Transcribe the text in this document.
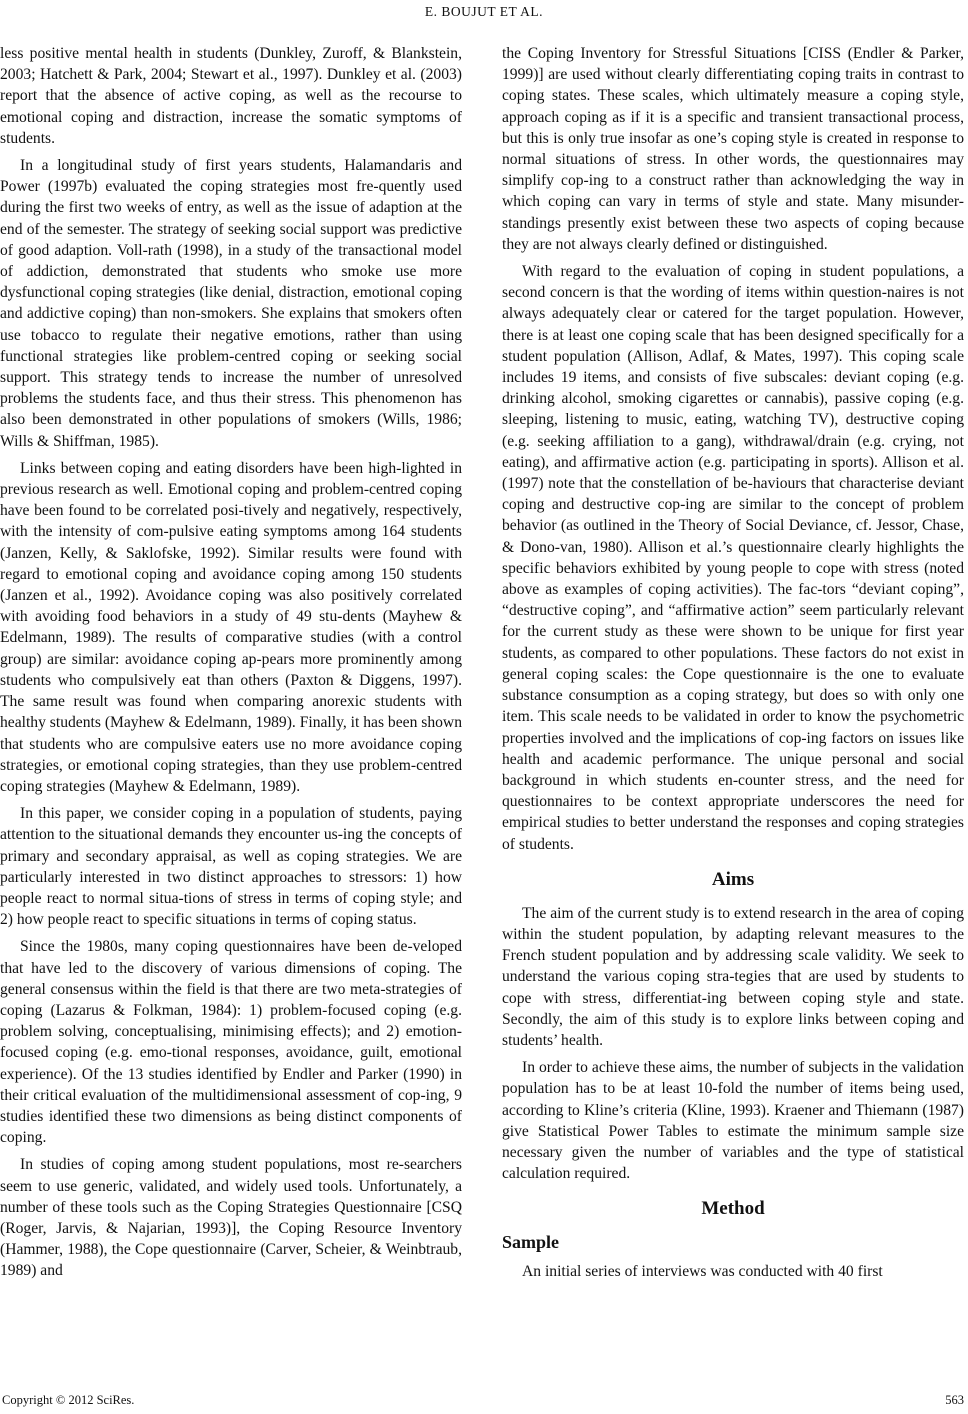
E. BOUJUT ET AL.

less positive mental health in students (Dunkley, Zuroff, & Blankstein, 2003; Hatchett & Park, 2004; Stewart et al., 1997). Dunkley et al. (2003) report that the absence of active coping, as well as the recourse to emotional coping and distraction, increase the somatic symptoms of students.

In a longitudinal study of first years students, Halamandaris and Power (1997b) evaluated the coping strategies most fre-quently used during the first two weeks of entry, as well as the issue of adaption at the end of the semester. The strategy of seeking social support was predictive of good adaption. Voll-rath (1998), in a study of the transactional model of addiction, demonstrated that students who smoke use more dysfunctional coping strategies (like denial, distraction, emotional coping and addictive coping) than non-smokers. She explains that smokers often use tobacco to regulate their negative emotions, rather than using functional strategies like problem-centred coping or seeking social support. This strategy tends to increase the number of unresolved problems the students face, and thus their stress. This phenomenon has also been demonstrated in other populations of smokers (Wills, 1986; Wills & Shiffman, 1985).

Links between coping and eating disorders have been high-lighted in previous research as well. Emotional coping and problem-centred coping have been found to be correlated posi-tively and negatively, respectively, with the intensity of com-pulsive eating symptoms among 164 students (Janzen, Kelly, & Saklofske, 1992). Similar results were found with regard to emotional coping and avoidance coping among 150 students (Janzen et al., 1992). Avoidance coping was also positively correlated with avoiding food behaviors in a study of 49 stu-dents (Mayhew & Edelmann, 1989). The results of comparative studies (with a control group) are similar: avoidance coping ap-pears more prominently among students who compulsively eat than others (Paxton & Diggens, 1997). The same result was found when comparing anorexic students with healthy students (Mayhew & Edelmann, 1989). Finally, it has been shown that students who are compulsive eaters use no more avoidance coping strategies, or emotional coping strategies, than they use problem-centred coping strategies (Mayhew & Edelmann, 1989).

In this paper, we consider coping in a population of students, paying attention to the situational demands they encounter us-ing the concepts of primary and secondary appraisal, as well as coping strategies. We are particularly interested in two distinct approaches to stressors: 1) how people react to normal situa-tions of stress in terms of coping style; and 2) how people react to specific situations in terms of coping status.

Since the 1980s, many coping questionnaires have been de-veloped that have led to the discovery of various dimensions of coping. The general consensus within the field is that there are two meta-strategies of coping (Lazarus & Folkman, 1984): 1) problem-focused coping (e.g. problem solving, conceptualising, minimising effects); and 2) emotion-focused coping (e.g. emo-tional responses, avoidance, guilt, emotional experience). Of the 13 studies identified by Endler and Parker (1990) in their critical evaluation of the multidimensional assessment of cop-ing, 9 studies identified these two dimensions as being distinct components of coping.

In studies of coping among student populations, most re-searchers seem to use generic, validated, and widely used tools. Unfortunately, a number of these tools such as the Coping Strategies Questionnaire [CSQ (Roger, Jarvis, & Najarian, 1993)], the Coping Resource Inventory (Hammer, 1988), the Cope questionnaire (Carver, Scheier, & Weinbtraub, 1989) and

the Coping Inventory for Stressful Situations [CISS (Endler & Parker, 1999)] are used without clearly differentiating coping traits in contrast to coping states. These scales, which ultimately measure a coping style, approach coping as if it is a specific and transient transactional process, but this is only true insofar as one’s coping style is created in response to normal situations of stress. In other words, the questionnaires may simplify cop-ing to a construct rather than acknowledging the way in which coping can vary in terms of style and state. Many misunder-standings presently exist between these two aspects of coping because they are not always clearly defined or distinguished.

With regard to the evaluation of coping in student populations, a second concern is that the wording of items within question-naires is not always adequately clear or catered for the target population. However, there is at least one coping scale that has been designed specifically for a student population (Allison, Adlaf, & Mates, 1997). This coping scale includes 19 items, and consists of five subscales: deviant coping (e.g. drinking alcohol, smoking cigarettes or cannabis), passive coping (e.g. sleeping, listening to music, eating, watching TV), destructive coping (e.g. seeking affiliation to a gang), withdrawal/drain (e.g. crying, not eating), and affirmative action (e.g. participating in sports). Allison et al. (1997) note that the constellation of be-haviours that characterise deviant coping and destructive cop-ing are similar to the concept of problem behavior (as outlined in the Theory of Social Deviance, cf. Jessor, Chase, & Dono-van, 1980). Allison et al.’s questionnaire clearly highlights the specific behaviors exhibited by young people to cope with stress (noted above as examples of coping activities). The fac-tors “deviant coping”, “destructive coping”, and “affirmative action” seem particularly relevant for the current study as these were shown to be unique for first year students, as compared to other populations. These factors do not exist in general coping scales: the Cope questionnaire is the one to evaluate substance consumption as a coping strategy, but does so with only one item. This scale needs to be validated in order to know the psychometric properties involved and the implications of cop-ing factors on issues like health and academic performance. The unique personal and social background in which students en-counter stress, and the need for questionnaires to be context appropriate underscores the need for empirical studies to better understand the responses and coping strategies of students.

Aims

The aim of the current study is to extend research in the area of coping within the student population, by adapting relevant measures to the French student population and by addressing scale validity. We seek to understand the various coping stra-tegies that are used by students to cope with stress, differentiat-ing between coping style and state. Secondly, the aim of this study is to explore links between coping and students’ health.

In order to achieve these aims, the number of subjects in the validation population has to be at least 10-fold the number of items being used, according to Kline’s criteria (Kline, 1993). Kraener and Thiemann (1987) give Statistical Power Tables to estimate the minimum sample size necessary given the number of variables and the type of statistical calculation required.

Method
Sample

An initial series of interviews was conducted with 40 first

Copyright © 2012 SciRes.	563
